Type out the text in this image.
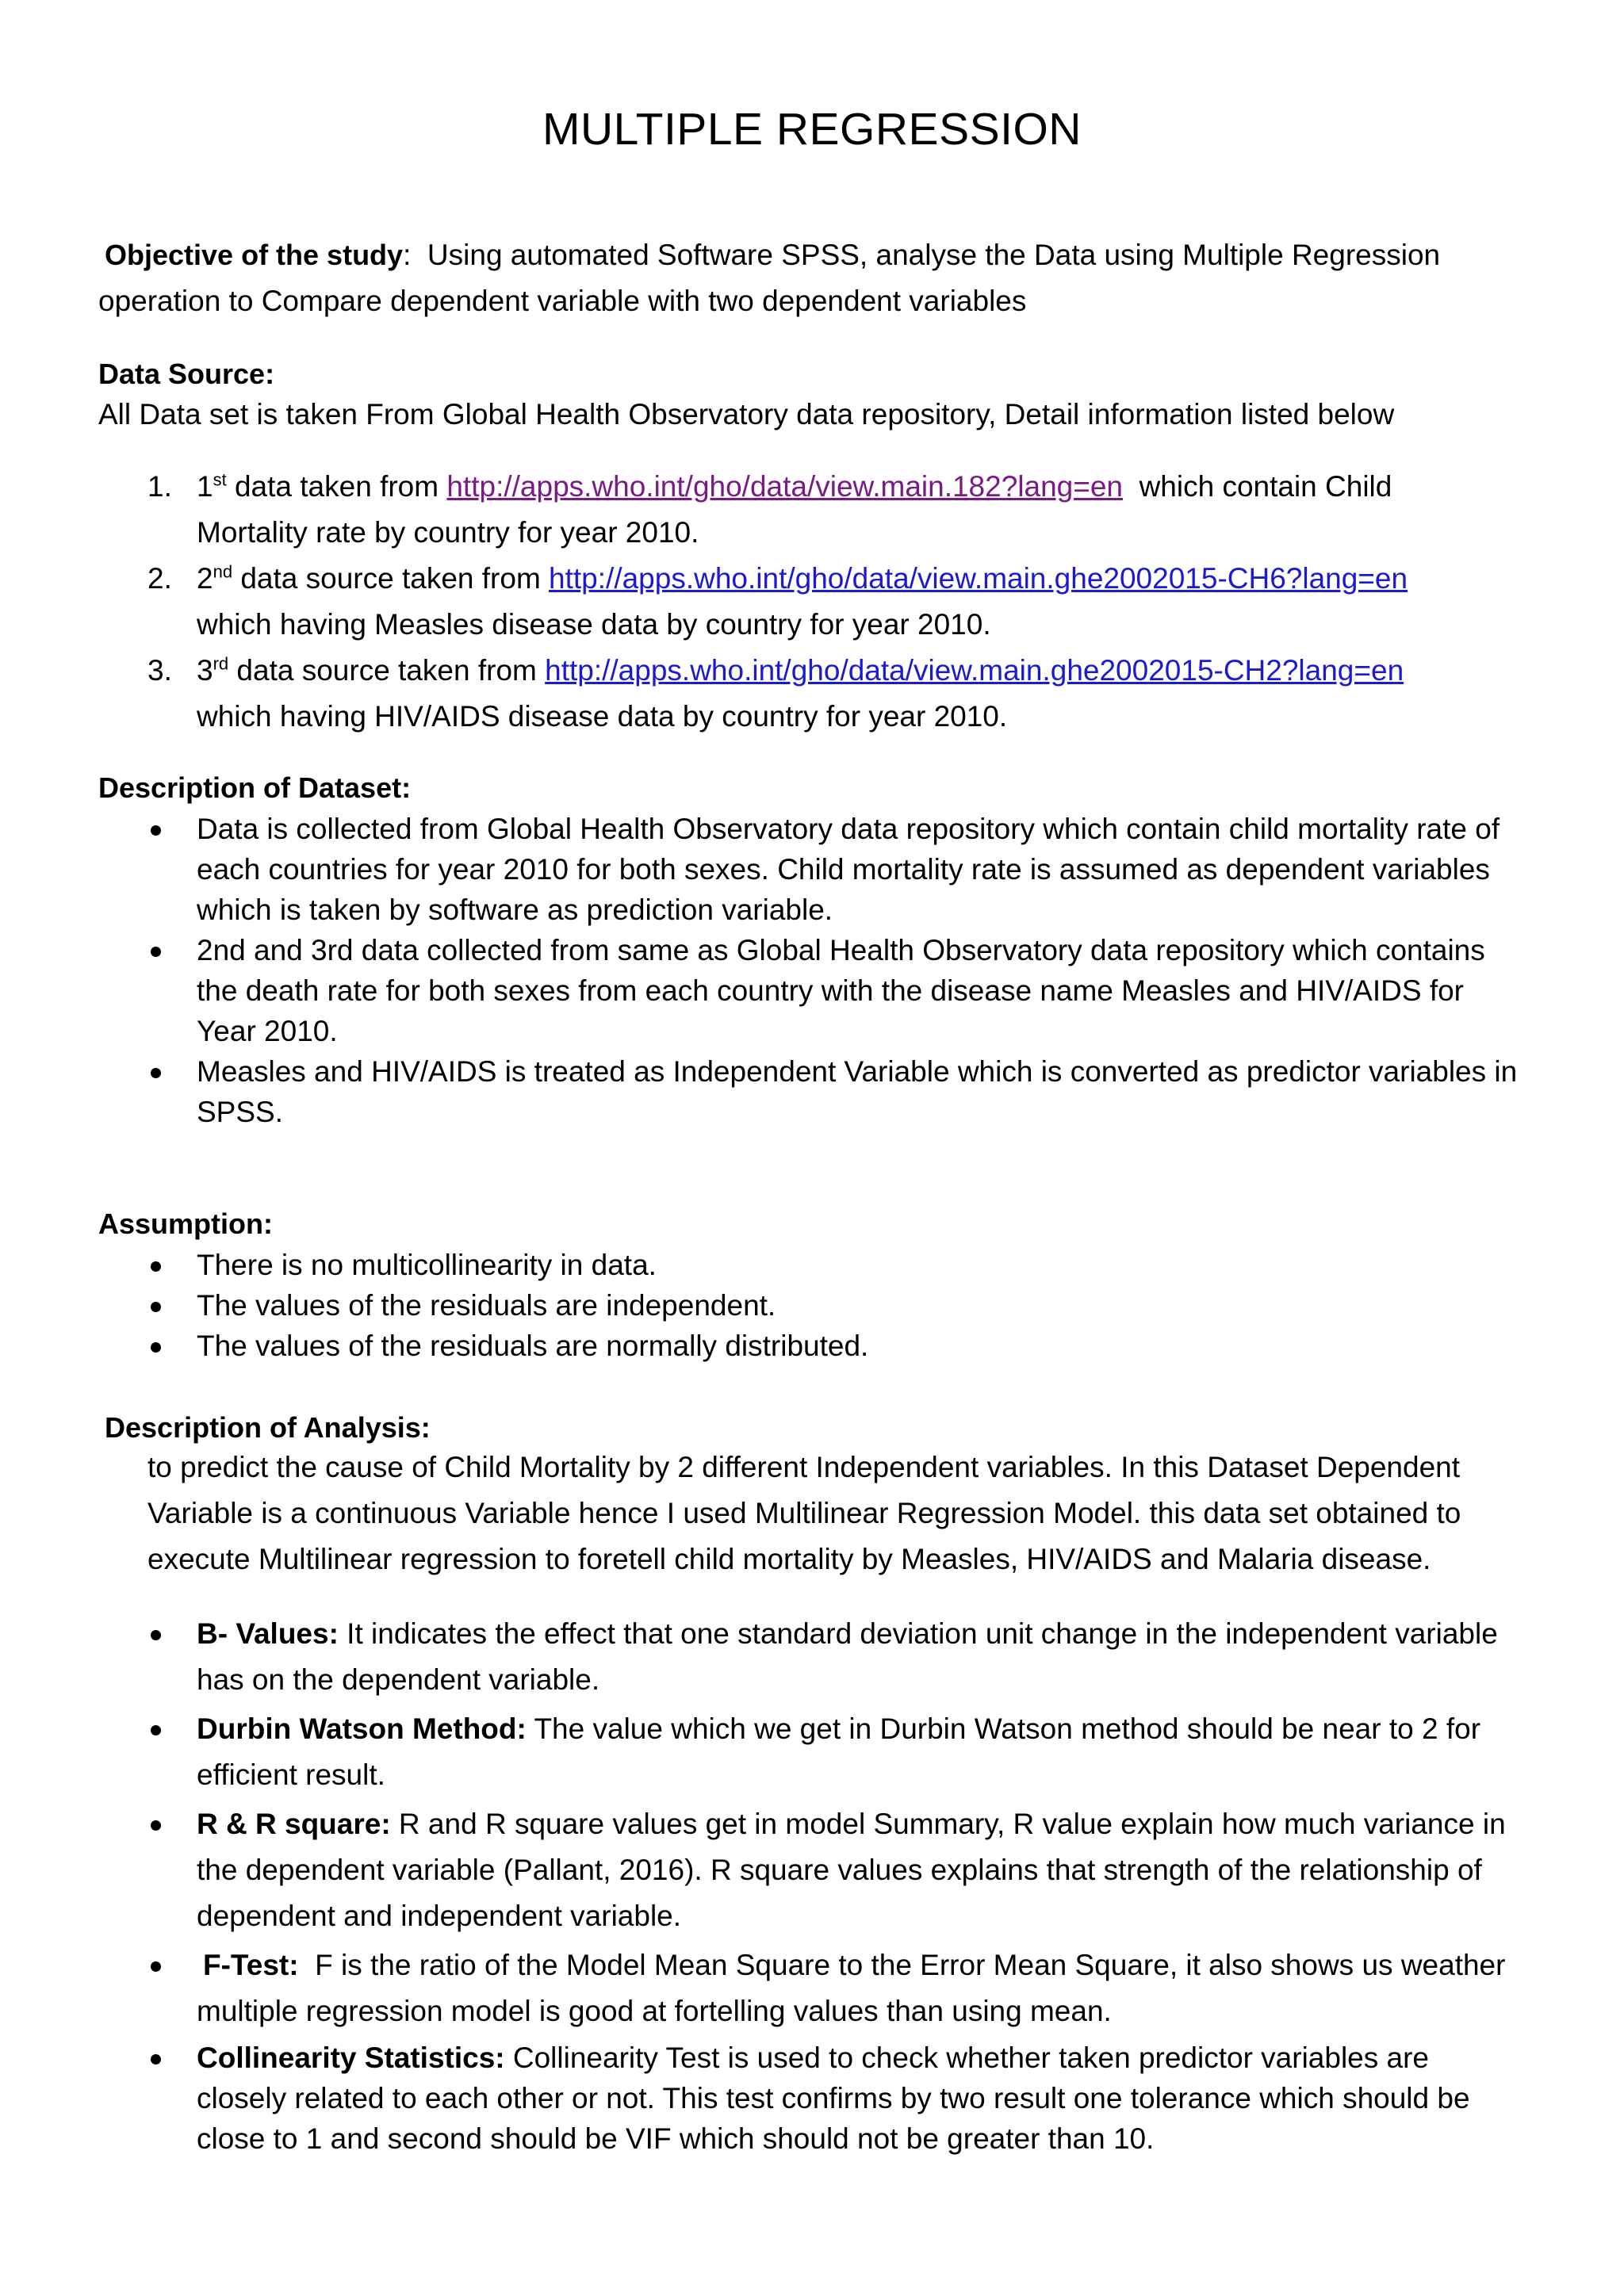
MULTIPLE REGRESSION
Objective of the study: Using automated Software SPSS, analyse the Data using Multiple Regression
operation to Compare dependent variable with two dependent variables
Data Source:
All Data set is taken From Global Health Observatory data repository, Detail information listed below
1. 1st data taken from http://apps.who.int/gho/data/view.main.182?lang=en  which contain Child
Mortality rate by country for year 2010.
2. 2nd data source taken from http://apps.who.int/gho/data/view.main.ghe2002015-CH6?lang=en
which having Measles disease data by country for year 2010.
3. 3rd data source taken from http://apps.who.int/gho/data/view.main.ghe2002015-CH2?lang=en
which having HIV/AIDS disease data by country for year 2010.
Description of Dataset:
Data is collected from Global Health Observatory data repository which contain child mortality rate of each countries for year 2010 for both sexes. Child mortality rate is assumed as dependent variables which is taken by software as prediction variable.
2nd and 3rd data collected from same as Global Health Observatory data repository which contains the death rate for both sexes from each country with the disease name Measles and HIV/AIDS for Year 2010.
Measles and HIV/AIDS is treated as Independent Variable which is converted as predictor variables in SPSS.
Assumption:
There is no multicollinearity in data.
The values of the residuals are independent.
The values of the residuals are normally distributed.
Description of Analysis:
to predict the cause of Child Mortality by 2 different Independent variables. In this Dataset Dependent Variable is a continuous Variable hence I used Multilinear Regression Model. this data set obtained to execute Multilinear regression to foretell child mortality by Measles, HIV/AIDS and Malaria disease.
B- Values: It indicates the effect that one standard deviation unit change in the independent variable has on the dependent variable.
Durbin Watson Method: The value which we get in Durbin Watson method should be near to 2 for efficient result.
R & R square: R and R square values get in model Summary, R value explain how much variance in the dependent variable (Pallant, 2016). R square values explains that strength of the relationship of dependent and independent variable.
F-Test:  F is the ratio of the Model Mean Square to the Error Mean Square, it also shows us weather multiple regression model is good at fortelling values than using mean.
Collinearity Statistics: Collinearity Test is used to check whether taken predictor variables are closely related to each other or not. This test confirms by two result one tolerance which should be close to 1 and second should be VIF which should not be greater than 10.
